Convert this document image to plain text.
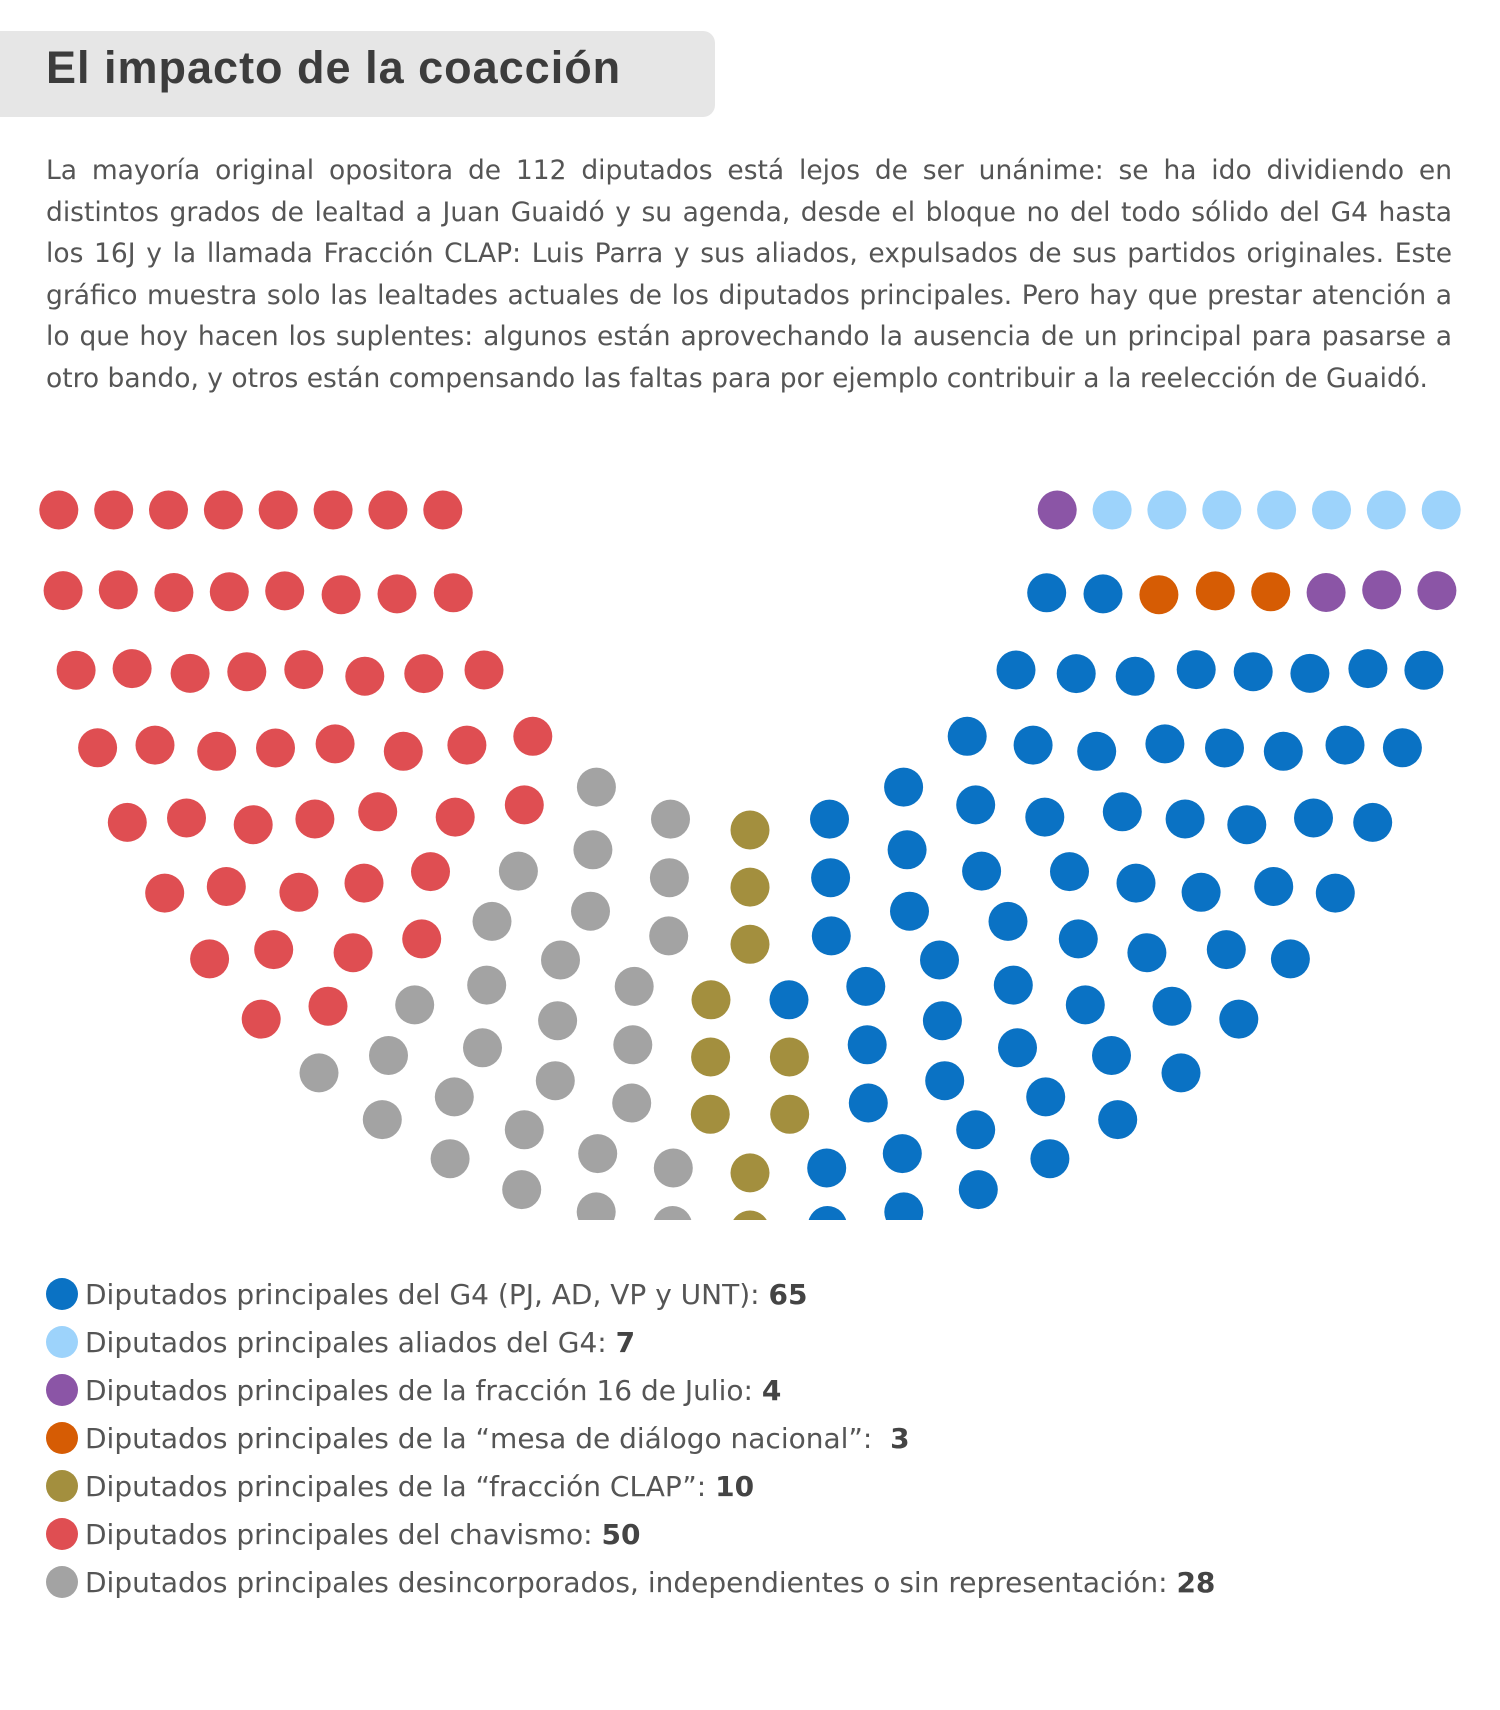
El impacto de la coacción

La mayoría original opositora de 112 diputados está lejos de ser unánime: se ha ido dividiendo en distintos grados de lealtad a Juan Guaidó y su agenda, desde el bloque no del todo sólido del G4 hasta los 16J y la llamada Fracción CLAP: Luis Parra y sus aliados, expulsados de sus partidos originales. Este gráfico muestra solo las lealtades actuales de los diputados principales. Pero hay que prestar atención a lo que hoy hacen los suplentes: algunos están aprovechando la ausencia de un principal para pasarse a otro bando, y otros están compensando las faltas para por ejemplo contribuir a la reelección de Guaidó.

Diputados principales del G4 (PJ, AD, VP y UNT): 65
Diputados principales aliados del G4: 7
Diputados principales de la fracción 16 de Julio: 4
Diputados principales de la “mesa de diálogo nacional”: 3
Diputados principales de la “fracción CLAP”: 10
Diputados principales del chavismo: 50
Diputados principales desincorporados, independientes o sin representación: 28
